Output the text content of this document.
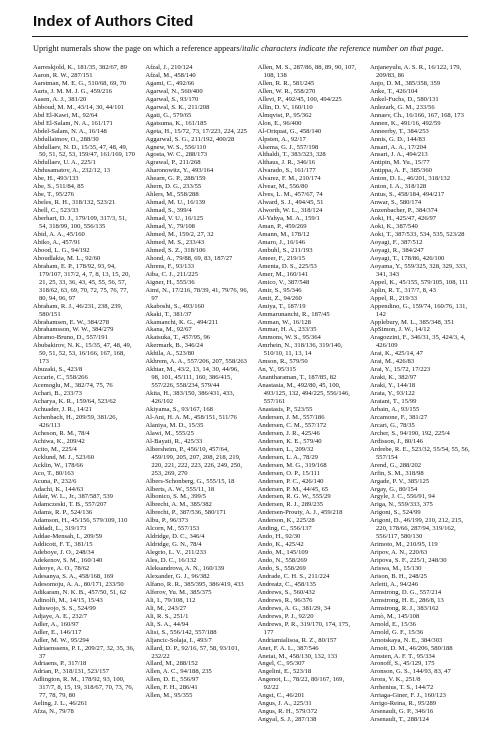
Index of Authors Cited

Upright numerals show the page on which a reference appears/italic characters indicate the reference number on that page.

Aarreskjold, K., 181/35, 382/67, 89

Aaron, R. W., 287/151

Aarstman, M. E. G., 510/68, 69, 70

Aarts, J. M. M. J. G., 459/216

Aasen, A. J., 381/20

Abboud, M. M., 43/14, 30, 44/101

Abd El-Kawi, M., 92/64

Abd El-Salam, N. A., 161/171

Abdel-Salam, N. A., 16/148

Abdullaimov, O., 288/30

Abdullaev, N. D., 15/35, 47, 48, 49, 50, 51, 52, 53, 159/47, 161/169, 170

Abdullaev, U. A., 225/1

Abdusamatov, A., 232/12, 13

Abe, H., 493/133

Abe, S., 511/84, 85

Abe, T., 95/276

Abeles, R. H., 318/132, 523/21

Abell, C., 523/33

Aberhart, D. J., 179/109, 317/3, 51, 54, 318/99, 100, 556/135

Abid, A. A., 45/160

Abiko, A., 457/91

Abood, L. G., 94/192

Aboudlakia, M. L., 92/60

Abraham, E. P., 178/92, 93, 94, 179/107, 317/2, 4, 7, 8, 13, 15, 20, 21, 25, 33, 36, 43, 45, 55, 56, 57, 318/62, 63, 69, 70, 72, 75, 76, 77, 80, 94, 96, 97

Abraham, R. J., 46/231, 238, 239, 580/151

Abrahamsen, E. W., 384/278

Abrahamsson, W. W., 384/279

Abramo-Bruno, D., 557/191

Abubakirov, N. K., 15/35, 47, 48, 49, 50, 51, 52, 53, 16/166, 167, 168, 173

Abuzaki, S., 423/8

Accarie, C., 558/266

Acemoglu, M., 382/74, 75, 76

Achari, B., 233/73

Acharya, K. R., 159/64, 523/62

Achuader, J. R., 14/21

Achenbach, H., 209/59, 381/26, 426/113

Acheson, R. M., 78/4

Achiwa, K., 209/42

Acito, M., 225/4

Acklund, M. J., 523/60

Acklin, W., 178/66

Aco, T., 80/163

Acuna, P., 232/6

Adachi, K., 144/63

Adair, W. L., Jr., 387/587, 539

Adamczeski, T. B., 557/207

Adams, R. P., 524/136

Adamson, H., 45/156, 579/109, 110

Addadi, L., 319/173

Addae-Mensah, I., 209/59

Addicott, F. T., 381/15

Adeboye, J. O., 248/34

Adekenov, S. M., 160/140

Adeoye, A. O., 78/62

Adesanya, S. A., 458/168, 169

Adesomoju, A. A., 80/171, 233/50

Adikaram, N. K. B., 457/50, 51, 62

Adinolfi, M., 14/15, 15/43

Adiswojo, S. S., 524/99

Adjaye, A. E., 232/7

Adler, A., 160/97

Adler, E., 146/117

Adler, M. W., 95/294

Adriaenssens, P. I., 209/27, 32, 35, 36, 37

Adriaens, P., 317/18

Adrian, P., 318/131, 523/157

Adlington, R. M., 178/92, 93, 100, 317/7, 8, 15, 19, 318/67, 70, 73, 76, 77, 78, 79, 80

Aeling, J. L., 46/261

Afza, N., 79/78

Afzal, J., 210/124

Afzal, M., 458/140

Agami, C., 492/66

Agarwal, N., 560/400

Agarwal, S., 93/170

Agarwal, S. K., 211/208

Agati, G., 579/65

Agatsuma, K., 161/185

Ageta, H., 15/72, 73, 17/223, 224, 225

Aggarwal, S. G., 211/192, 400/28

Agnew, W. S., 556/110

Agosta, W. C., 288/173

Agrawal, P., 211/268

Aharonowitz, Y., 493/164

Ahearn, G. P., 288/159

Ahern, D. G., 233/55

Ahlers, M., 558/288

Ahmad, M. U., 16/139

Ahmad, S., 399/4

Ahmad, V. U., 16/125

Ahmad, Y., 79/108

Ahmed, M., 159/2, 27, 32

Ahmed, M. S., 233/43

Ahmed, S. Z., 318/106

Ahond, A., 79/88, 69, 83, 187/27

Ahrens, F., 93/133

Aiba, C. J., 211/225

Aigner, H., 555/36

Aimi, N., 17/216, 78/39, 41, 79/76, 96, 97

Akaboshi, S., 493/160

Akaki, T., 381/37

Akamanchi, K. G., 494/211

Akana, M., 92/67

Akatsuka, T., 457/95, 96

Akermark, B., 346/24

Akhila, A., 523/80

Akhrem, A. A., 557/206, 207, 558/263

Akhtar, M., 43/2, 13, 14, 30, 44/96, 98, 101, 45/111, 160, 386/415, 557/226, 558/234, 579/44

Akita, H., 383/150, 386/431, 433, 426/102

Akiyama, S., 93/167, 168

Al-Ani, H. A. M., 458/151, 511/76

Alaniya, M. D., 15/35

Alawi, M., 555/25

Al-Bayati, R., 425/33

Albersheim, P., 456/10, 457/64, 459/199, 205, 207, 208, 218, 219, 220, 221, 222, 223, 226, 249, 250, 253, 269, 270

Albers-Schonberg, G., 555/15, 18

Alberts, A. W., 555/11, 18

Albonico, S. M., 399/5

Albrecht, A. M., 385/382

Albrecht, P., 387/536, 580/171

Albu, P., 96/373

Alcorn, M., 557/153

Aldridge, D. C., 346/4

Aldridge, G. N., 78/4

Alegrio, L. V., 211/233

Ales, D. C., 16/132

Aleksandrova, A. N., 160/139

Alexander, G. J., 96/382

Alfano, R. R., 385/395, 386/419, 433

Alferov, Yu. M., 385/375

Ali, I., 79/108, 112

Ali, M., 243/27

Ali, R. S., 251/1

Ali, S. A., 44/94

Alisi, S., 556/142, 557/188

Aljancic-Solaja, I., 493/7

Allard, D. P., 92/16, 57, 58, 93/101, 232/22

Allard, M., 288/152

Allen, A. C., 94/188, 235

Allen, D. E., 556/97

Allen, F. H., 286/41

Allen, M., 95/355

Allen, M. S., 287/86, 88, 89, 90, 107, 108, 138

Allen, R. R., 581/245

Allen, W. R., 558/270

Allevi, P., 492/45, 100, 494/225

Allin, D. V., 160/110

Almqvist, P., 95/362

Alon, E., 96/400

Al-Oriquat, G., 458/140

Alpsten, A., 92/17

Alsema, G. J., 557/198

Althaldi, T., 383/323, 328

Althaus, J. R., 346/16

Alvarado, S., 161/177

Alvarez, F. M., 210/174

Alvear, M., 556/80

Alves, L. M., 457/67, 74

Alward, S. J., 494/45, 51

Alworth, W. L., 318/124

Al-Yahya, M. A., 159/1

Aman, P., 459/269

Amann, M., 178/12

Amaro, J., 16/146

Ambuhl, S., 211/193

Ameer, F., 219/15

Amenta, D. S., 225/53

Amer, M., 160/141

Amico, V., 387/548

Amir, S., 95/346

Amit, Z., 94/260

Amiya, T., 187/19

Ammarunanchi, R., 187/45

Amman, W., 16/128

Ammar, H. A., 233/35

Ammons, W. S., 95/364

Amrhein, N., 318/136, 319/140, 510/10, 11, 13, 14

Amson, R., 579/50

An, Y., 95/315

Anantharaman, T., 187/85, 82

Anastasia, M., 492/80, 45, 100, 493/125, 132, 494/225, 556/146, 557/161

Anastasis, P., 523/55

Andersen, J. M., 557/186

Andersen, C. M., 557/172

Andersen, J. R., 425/46

Andersen, K. E., 579/40

Andersen, L., 209/32

Andersen, L. A., 78/29

Andersen, M. G., 319/168

Andersen, O. P., 15/111

Andersen, P. C., 426/140

Andersen, P. M., 44/45, 65

Andersen, R. G. W., 555/29

Andersen, R. J., 289/235

Andersen-Prouty, A. J., 459/218

Anderson, K., 225/28

Anding, C., 556/137

Ando, H., 92/30

Ando, K., 425/42

Ando, M., 145/109

Ando, N., 558/269

Ando, S., 558/269

Andrade, C. H. S., 211/224

Andreatz, C., 458/135

Andrews, S., 560/432

Andrews, R., 96/376

Andrews, A. G., 381/29, 34

Andrews, P. J., 92/20

Andrews, P. R., 319/170, 174, 175, 177

Andriamialisoa, R. Z., 80/157

Anet, F. A. L., 387/546

Anetai, M., 458/130, 132, 133

Angel, C., 95/307

Angelini, E., 523/18

Angenot, L., 78/22, 80/167, 169, 92/22

Angst, C., 46/201

Angus, J. A., 225/31

Angus, R. H., 579/372

Angyal, S. J., 287/138

Anjaneyulu, A. S. R., 16/122, 179, 209/83, 86

Anjo, D. M., 385/358, 359

Anke, T., 426/104

Ankel-Fuchs, D., 580/131

Anlezark, G. M., 233/56

Annaev, Ch., 16/166, 167, 168, 173

Annen, K., 491/16, 492/59

Anneerby, T., 384/253

Annis, G. D., 144/83

Ansari, A. A., 17/204

Ansari, J. A., 494/213

Antipin, M. Yu., 15/77

Antippa, A. F., 385/360

Anton, D. L., 46/201, 318/132

Anton, I. A., 318/128

Antus, S., 458/184, 494/217

Anwar, S., 580/174

Anzenbacher, P., 384/374

Aoki, H., 425/47, 426/97

Aoki, K., 387/540

Aoki, T., 387/533, 534, 535, 523/28

Aoyagi, F., 387/512

Aoyagi, R., 384/247

Aoyagi, T., 178/86, 426/100

Aoyama, Y., 559/325, 328, 329, 333, 341, 343

Appel, K., 45/155, 579/105, 108, 111

Aplin, R. T., 317/7, 8, 43

Appel, R., 219/33

Appendino, G., 159/74, 160/76, 131, 142

Applebury, M. L., 385/348, 351

ApSimon, J. W., 14/12

Aragozzini, F., 346/31, 35, 424/3, 4, 426/109

Arai, K., 425/14, 47

Arai, M., 426/83

Arai, Y., 15/72, 17/223

Araki, K., 382/97

Araki, Y., 144/18

Arata, Y., 93/122

Aratani, T., 15/99

Arbain, A., 93/155

Arcamone, F., 381/27

Arcari, G., 78/35

Archer, S., 94/190, 192, 225/4

Ardisson, J., 80/146

Ardrebe, R. E., 523/32, 55/54, 55, 56, 557/154

Arend, G., 288/202

Arfin, S. M., 318/98

Argade, P. V., 385/125

Argay, G., 80/154

Argyle, J. C., 556/91, 94

Ariga, N., 559/333, 375

Arigoni, S., 524/99

Arigoni, D., 46/199, 210, 212, 215, 220, 178/66, 287/94, 319/162, 556/117, 580/130

Arimoto, M., 210/95, 119

Aripov, A. N., 220/63

Aripova, S. F., 225/1, 248/30

Ariswa, M., 15/130

Arison, B. H., 248/25

Arletti, A., 94/246

Armstrong, D. G., 557/214

Armstrong, H. E., 286/8, 13

Armstrong, R. J., 383/162

Arnò, M., 145/108

Arnold, E., 15/36

Arnold, G. F., 15/36

Arnotskaya, N. E., 384/303

Arnott, D. M., 46/206, 580/188

Arnsten, A. F. T., 95/334

Aronoff, S., 45/129, 175

Aronson, G. S., 144/93, 83, 47

Arora, V. K., 251/8

Arrhenius, T. S., 144/72

Arriaga-Giner, F. J., 160/123

Arrigo-Reina, R., 95/289

Arsenault, G. P., 346/16

Arsenault, T., 288/124
